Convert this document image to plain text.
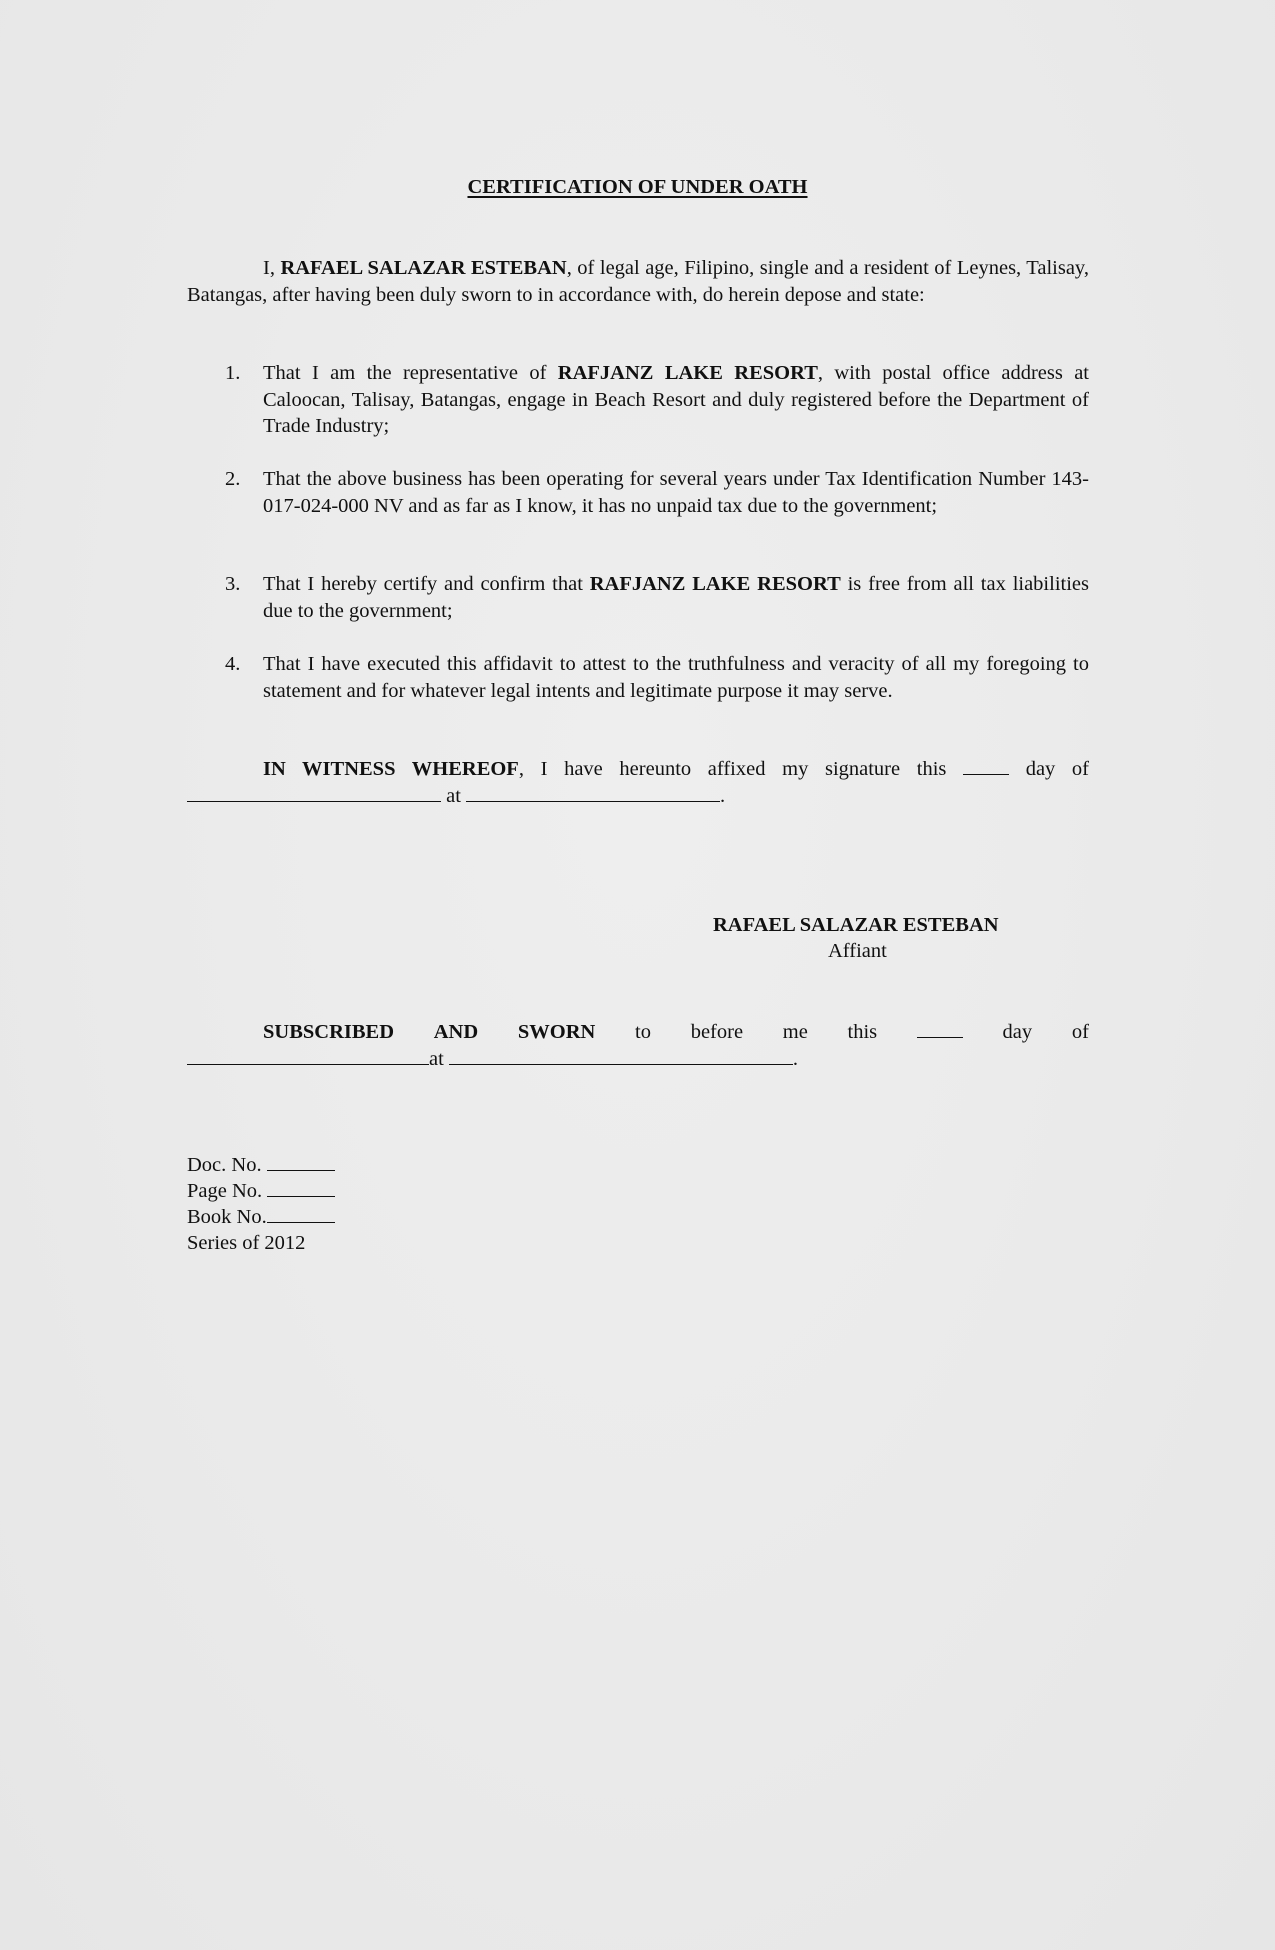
CERTIFICATION OF UNDER OATH
I, RAFAEL SALAZAR ESTEBAN, of legal age, Filipino, single and a resident of Leynes, Talisay, Batangas, after having been duly sworn to in accordance with, do herein depose and state:
1. That I am the representative of RAFJANZ LAKE RESORT, with postal office address at Caloocan, Talisay, Batangas, engage in Beach Resort and duly registered before the Department of Trade Industry;
2. That the above business has been operating for several years under Tax Identification Number 143-017-024-000 NV and as far as I know, it has no unpaid tax due to the government;
3. That I hereby certify and confirm that RAFJANZ LAKE RESORT is free from all tax liabilities due to the government;
4. That I have executed this affidavit to attest to the truthfulness and veracity of all my foregoing to statement and for whatever legal intents and legitimate purpose it may serve.
IN WITNESS WHEREOF, I have hereunto affixed my signature this	day of
at	.
RAFAEL SALAZAR ESTEBAN
Affiant
SUBSCRIBED AND SWORN to before me this	day of
at	.
Doc. No.
Page No.
Book No.
Series of 2012
